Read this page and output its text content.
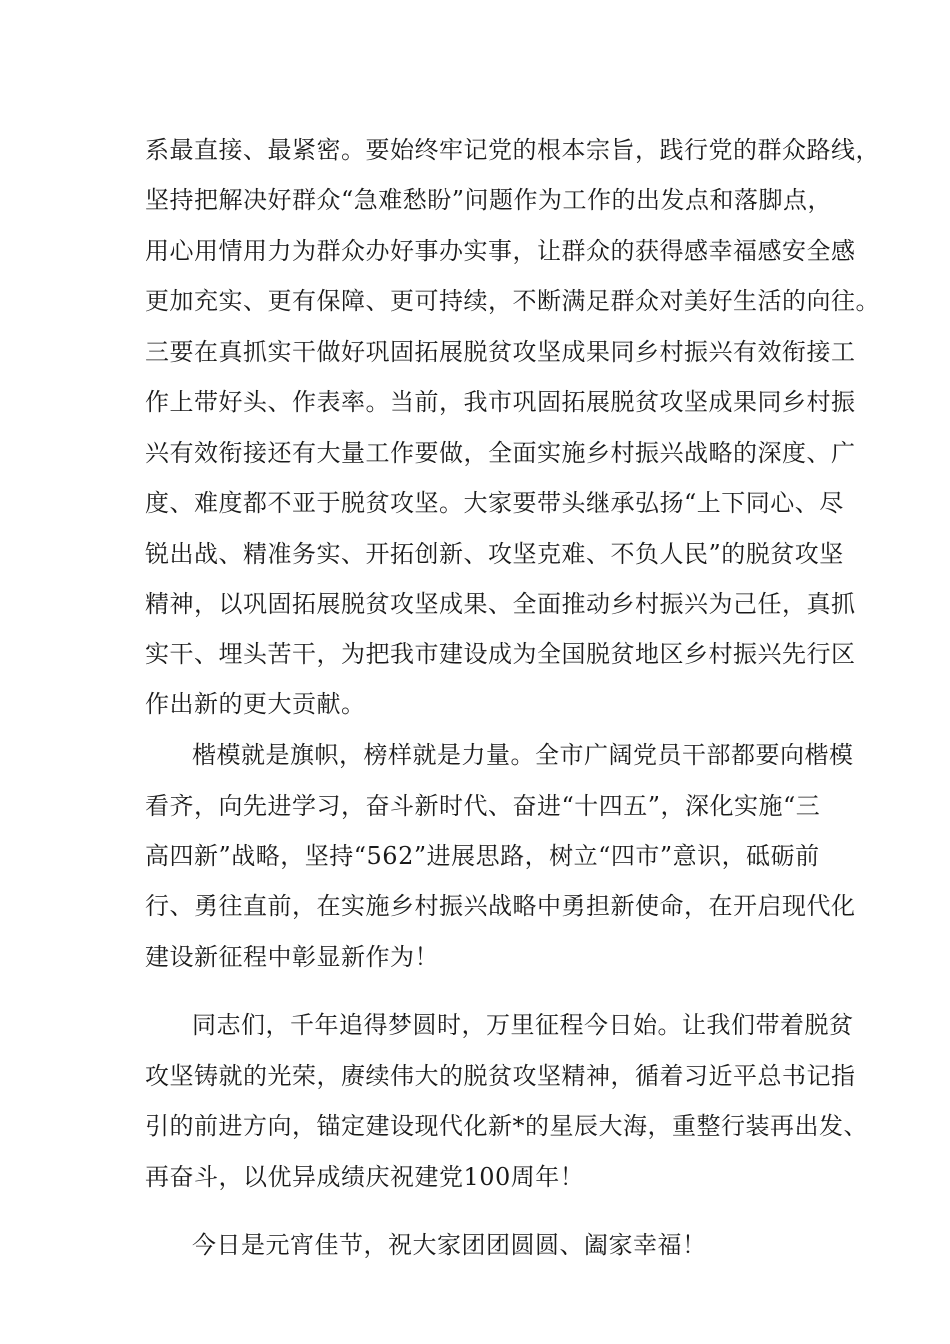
系最直接、最紧密。要始终牢记党的根本宗旨，践行党的群众路线，
坚持把解决好群众“急难愁盼”问题作为工作的出发点和落脚点，
用心用情用力为群众办好事办实事，让群众的获得感幸福感安全感
更加充实、更有保障、更可持续，不断满足群众对美好生活的向往。
三要在真抓实干做好巩固拓展脱贫攻坚成果同乡村振兴有效衔接工
作上带好头、作表率。当前，我市巩固拓展脱贫攻坚成果同乡村振
兴有效衔接还有大量工作要做，全面实施乡村振兴战略的深度、广
度、难度都不亚于脱贫攻坚。大家要带头继承弘扬“上下同心、尽
锐出战、精准务实、开拓创新、攻坚克难、不负人民”的脱贫攻坚
精神，以巩固拓展脱贫攻坚成果、全面推动乡村振兴为己任，真抓
实干、埋头苦干，为把我市建设成为全国脱贫地区乡村振兴先行区
作出新的更大贡献。
楷模就是旗帜，榜样就是力量。全市广阔党员干部都要向楷模
看齐，向先进学习，奋斗新时代、奋进“十四五”，深化实施“三
高四新”战略，坚持“562”进展思路，树立“四市”意识，砥砺前
行、勇往直前，在实施乡村振兴战略中勇担新使命，在开启现代化
建设新征程中彰显新作为！
同志们，千年追得梦圆时，万里征程今日始。让我们带着脱贫
攻坚铸就的光荣，赓续伟大的脱贫攻坚精神，循着习近平总书记指
引的前进方向，锚定建设现代化新*的星辰大海，重整行装再出发、
再奋斗，以优异成绩庆祝建党100周年！
今日是元宵佳节，祝大家团团圆圆、阖家幸福！
